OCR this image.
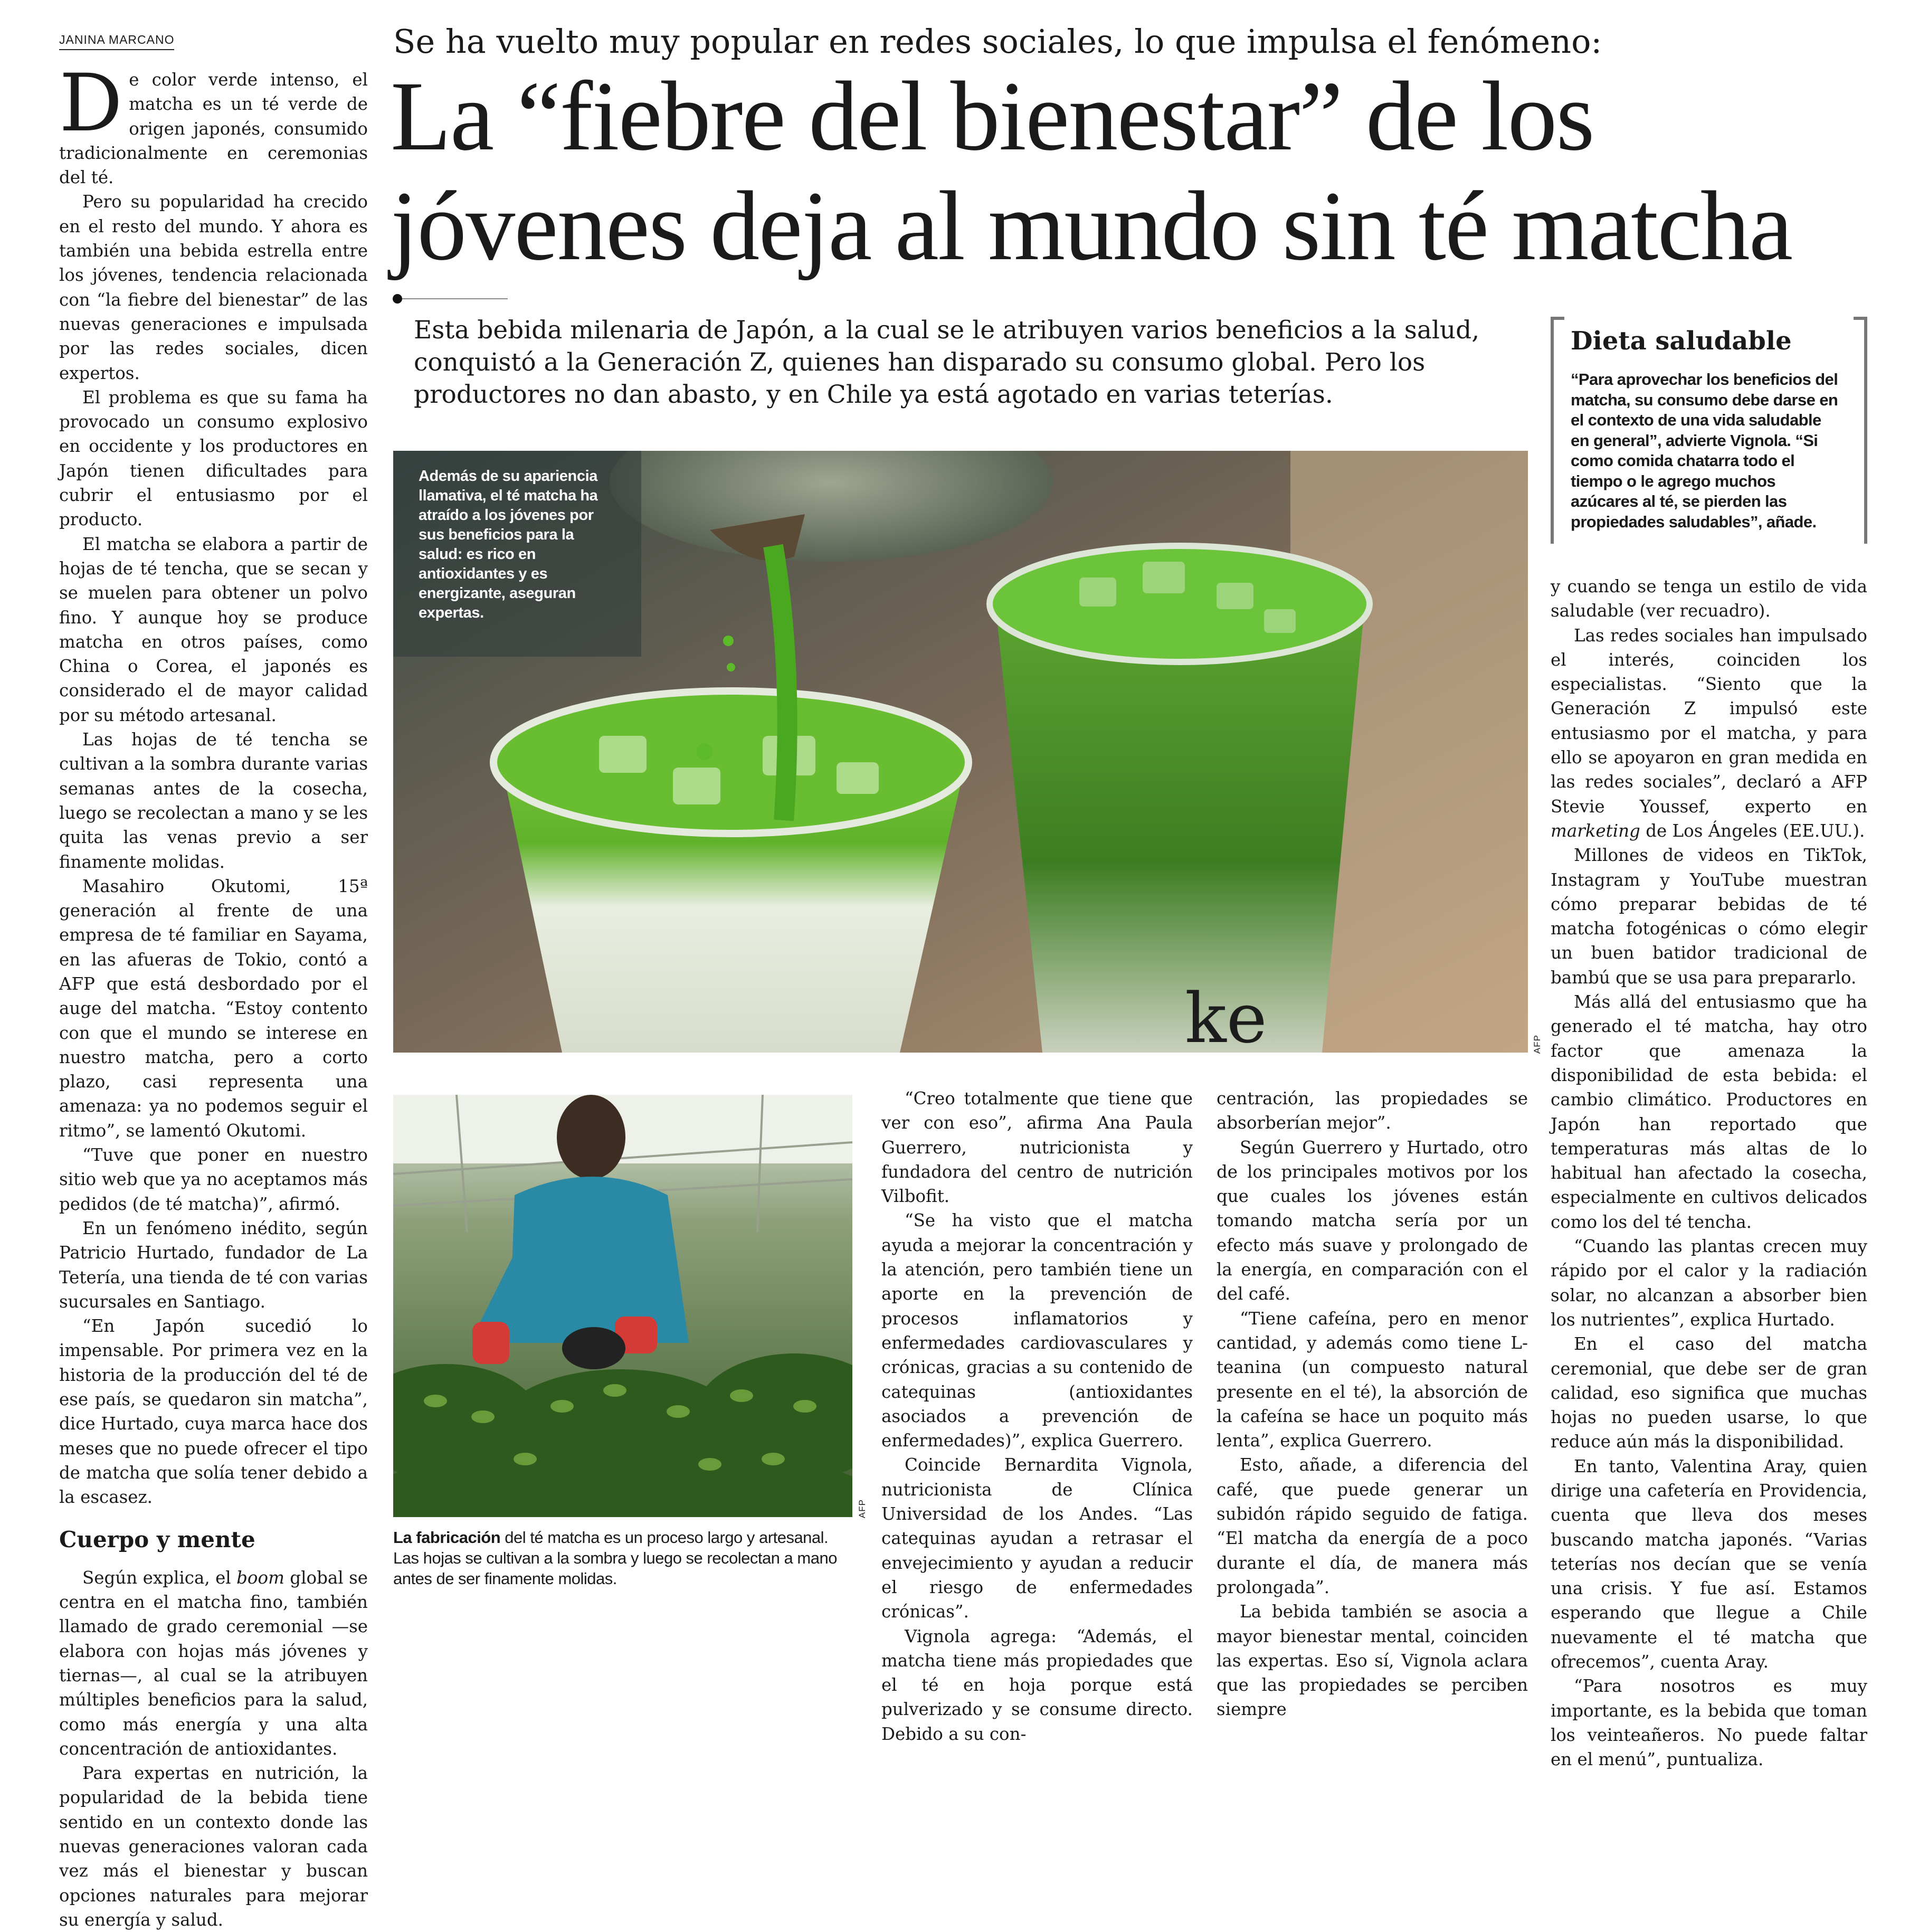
JANINA MARCANO	Se ha vuelto muy popular en redes sociales, lo que impulsa el fenómeno:
La “fiebre del bienestar” de los
jóvenes deja al mundo sin té matcha
Esta bebida milenaria de Japón, a la cual se le atribuyen varios beneficios a la salud, conquistó a la Generación Z, quienes han disparado su consumo global. Pero los productores no dan abasto, y en Chile ya está agotado en varias teterías.
Dieta saludable
“Para aprovechar los beneficios del matcha, su consumo debe darse en el contexto de una vida saludable en general”, advierte Vignola. “Si como comida chatarra todo el tiempo o le agrego muchos azúcares al té, se pierden las propiedades saludables”, añade.
ke
Además de su apariencia llamativa, el té matcha ha atraído a los jóvenes por sus beneficios para la salud: es rico en antioxidantes y es energizante, aseguran expertas.
AFP
AFP
La fabricación del té matcha es un proceso largo y artesanal. Las hojas se cultivan a la sombra y luego se recolectan a mano antes de ser finamente molidas.

De color verde intenso, el matcha es un té verde de origen japonés, consumido tradicionalmente en ceremonias del té.

Pero su popularidad ha crecido en el resto del mundo. Y ahora es también una bebida estrella entre los jóvenes, tendencia relacionada con “la fiebre del bienestar” de las nuevas generaciones e impulsada por las redes sociales, dicen expertos.

El problema es que su fama ha provocado un consumo explosivo en occidente y los productores en Japón tienen dificultades para cubrir el entusiasmo por el producto.

El matcha se elabora a partir de hojas de té tencha, que se secan y se muelen para obtener un polvo fino. Y aunque hoy se produce matcha en otros países, como China o Corea, el japonés es considerado el de mayor calidad por su método artesanal.

Las hojas de té tencha se cultivan a la sombra durante varias semanas antes de la cosecha, luego se recolectan a mano y se les quita las venas previo a ser finamente molidas.

Masahiro Okutomi, 15ª generación al frente de una empresa de té familiar en Sayama, en las afueras de Tokio, contó a AFP que está desbordado por el auge del matcha. “Estoy contento con que el mundo se interese en nuestro matcha, pero a corto plazo, casi representa una amenaza: ya no podemos seguir el ritmo”, se lamentó Okutomi.

“Tuve que poner en nuestro sitio web que ya no aceptamos más pedidos (de té matcha)”, afirmó.

En un fenómeno inédito, según Patricio Hurtado, fundador de La Tetería, una tienda de té con varias sucursales en Santiago.

“En Japón sucedió lo impensable. Por primera vez en la historia de la producción del té de ese país, se quedaron sin matcha”, dice Hurtado, cuya marca hace dos meses que no puede ofrecer el tipo de matcha que solía tener debido a la escasez.

Cuerpo y mente

Según explica, el boom global se centra en el matcha fino, también llamado de grado ceremonial —se elabora con hojas más jóvenes y tiernas—, al cual se la atribuyen múltiples beneficios para la salud, como más energía y una alta concentración de antioxidantes.

Para expertas en nutrición, la popularidad de la bebida tiene sentido en un contexto donde las nuevas generaciones valoran cada vez más el bienestar y buscan opciones naturales para mejorar su energía y salud.

“Creo totalmente que tiene que ver con eso”, afirma Ana Paula Guerrero, nutricionista y fundadora del centro de nutrición Vilbofit.

“Se ha visto que el matcha ayuda a mejorar la concentración y la atención, pero también tiene un aporte en la prevención de procesos inflamatorios y enfermedades cardiovasculares y crónicas, gracias a su contenido de catequinas (antioxidantes asociados a prevención de enfermedades)”, explica Guerrero.

Coincide Bernardita Vignola, nutricionista de Clínica Universidad de los Andes. “Las catequinas ayudan a retrasar el envejecimiento y ayudan a reducir el riesgo de enfermedades crónicas”.

Vignola agrega: “Además, el matcha tiene más propiedades que el té en hoja porque está pulverizado y se consume directo. Debido a su con-

centración, las propiedades se absorberían mejor”.

Según Guerrero y Hurtado, otro de los principales motivos por los que cuales los jóvenes están tomando matcha sería por un efecto más suave y prolongado de la energía, en comparación con el del café.

“Tiene cafeína, pero en menor cantidad, y además como tiene L-teanina (un compuesto natural presente en el té), la absorción de la cafeína se hace un poquito más lenta”, explica Guerrero.

Esto, añade, a diferencia del café, que puede generar un subidón rápido seguido de fatiga. “El matcha da energía de a poco durante el día, de manera más prolongada”.

La bebida también se asocia a mayor bienestar mental, coinciden las expertas. Eso sí, Vignola aclara que las propiedades se perciben siempre

y cuando se tenga un estilo de vida saludable (ver recuadro).

Las redes sociales han impulsado el interés, coinciden los especialistas. “Siento que la Generación Z impulsó este entusiasmo por el matcha, y para ello se apoyaron en gran medida en las redes sociales”, declaró a AFP Stevie Youssef, experto en marketing de Los Ángeles (EE.UU.).

Millones de videos en TikTok, Instagram y YouTube muestran cómo preparar bebidas de té matcha fotogénicas o cómo elegir un buen batidor tradicional de bambú que se usa para prepararlo.

Más allá del entusiasmo que ha generado el té matcha, hay otro factor que amenaza la disponibilidad de esta bebida: el cambio climático. Productores en Japón han reportado que temperaturas más altas de lo habitual han afectado la cosecha, especialmente en cultivos delicados como los del té tencha.

“Cuando las plantas crecen muy rápido por el calor y la radiación solar, no alcanzan a absorber bien los nutrientes”, explica Hurtado.

En el caso del matcha ceremonial, que debe ser de gran calidad, eso significa que muchas hojas no pueden usarse, lo que reduce aún más la disponibilidad.

En tanto, Valentina Aray, quien dirige una cafetería en Providencia, cuenta que lleva dos meses buscando matcha japonés. “Varias teterías nos decían que se venía una crisis. Y fue así. Estamos esperando que llegue a Chile nuevamente el té matcha que ofrecemos”, cuenta Aray.

“Para nosotros es muy importante, es la bebida que toman los veinteañeros. No puede faltar en el menú”, puntualiza.
